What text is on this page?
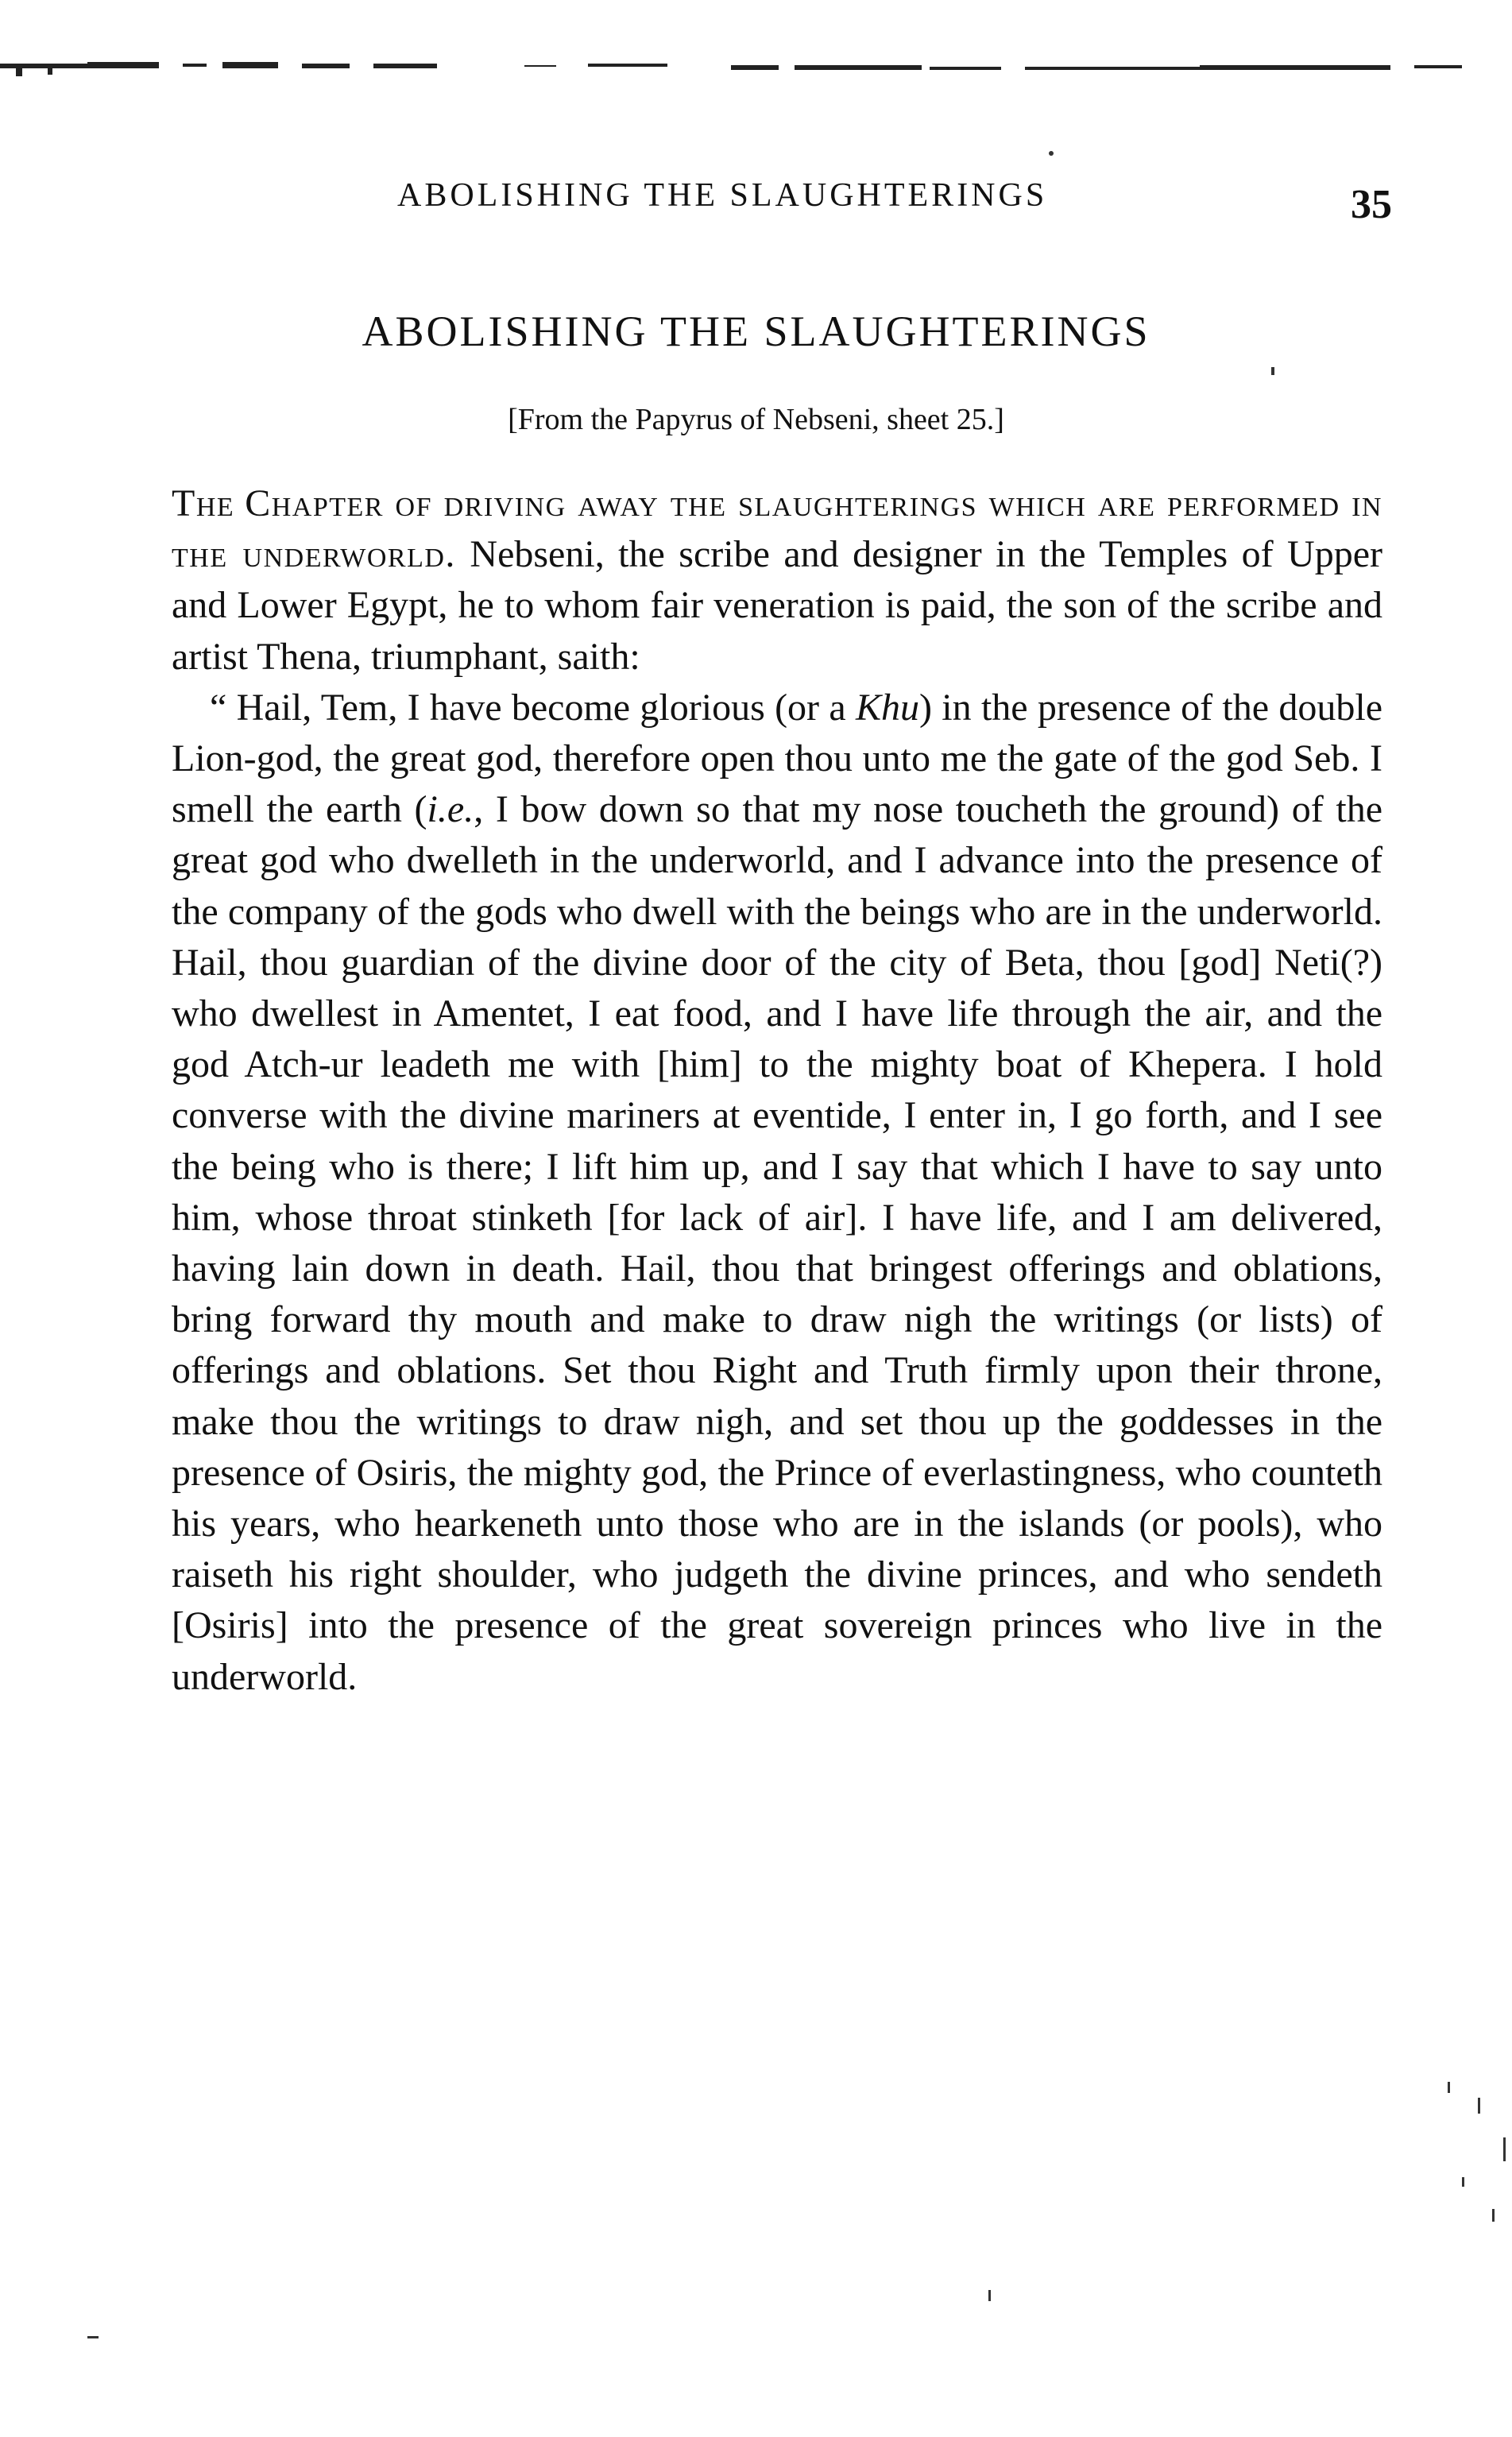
ABOLISHING THE SLAUGHTERINGS	35
ABOLISHING THE SLAUGHTERINGS
[From the Papyrus of Nebseni, sheet 25.]

The Chapter of driving away the slaughterings which are performed in the underworld. Nebseni, the scribe and designer in the Temples of Upper and Lower Egypt, he to whom fair veneration is paid, the son of the scribe and artist Thena, triumphant, saith:

“ Hail, Tem, I have become glorious (or a Khu) in the presence of the double Lion-god, the great god, therefore open thou unto me the gate of the god Seb. I smell the earth (i.e., I bow down so that my nose toucheth the ground) of the great god who dwelleth in the underworld, and I advance into the presence of the company of the gods who dwell with the beings who are in the underworld. Hail, thou guardian of the divine door of the city of Beta, thou [god] Neti(?) who dwellest in Amentet, I eat food, and I have life through the air, and the god Atch-ur leadeth me with [him] to the mighty boat of Khepera. I hold converse with the divine mariners at eventide, I enter in, I go forth, and I see the being who is there; I lift him up, and I say that which I have to say unto him, whose throat stinketh [for lack of air]. I have life, and I am delivered, having lain down in death. Hail, thou that bringest offerings and oblations, bring forward thy mouth and make to draw nigh the writings (or lists) of offerings and oblations. Set thou Right and Truth firmly upon their throne, make thou the writings to draw nigh, and set thou up the goddesses in the presence of Osiris, the mighty god, the Prince of everlastingness, who counteth his years, who hearkeneth unto those who are in the islands (or pools), who raiseth his right shoulder, who judgeth the divine princes, and who sendeth [Osiris] into the presence of the great sovereign princes who live in the underworld.
